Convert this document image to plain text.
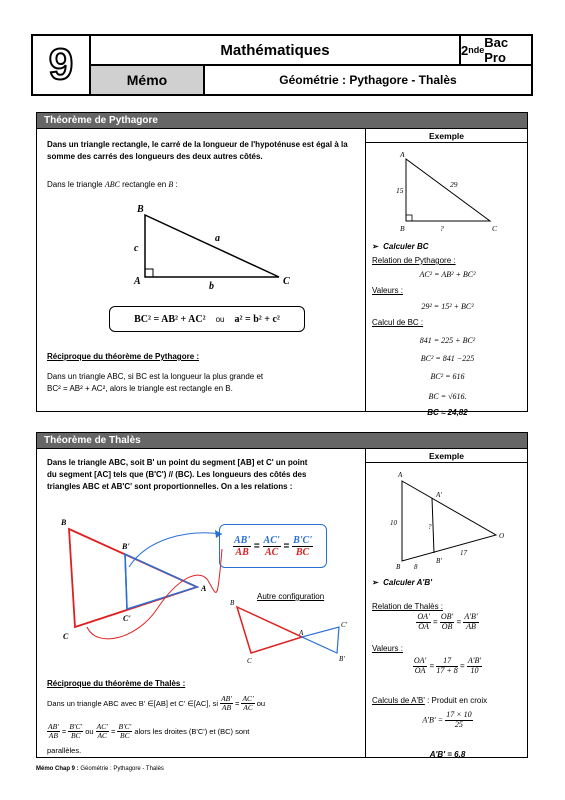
9	Mathématiques	2 nde Bac Pro
Mémo	Géométrie : Pythagore - Thalès
Théorème de Pythagore
Dans un triangle rectangle, le carré de la longueur de l'hypoténuse est égal à la somme des carrés des longueurs des deux autres côtés.
Dans le triangle ABC rectangle en B :
B
A	C
a
b
c
BC² = AB² + AC² ou a² = b² + c²
Réciproque du théorème de Pythagore :
Dans un triangle ABC, si BC est la longueur la plus grande et
BC² = AB² + AC², alors le triangle est rectangle en B.
Exemple
A
B	C
15
29
?
➢ Calculer BC
Relation de Pythagore :
AC² = AB² + BC²
Valeurs :
29² = 15² + BC²
Calcul de BC :
841 = 225 + BC²
BC² = 841 −225
BC² = 616
BC = √616.
BC ≈ 24,82
Théorème de Thalès
Dans le triangle ABC, soit B' un point du segment [AB] et C' un point
du segment [AC] tels que (B'C') // (BC). Les longueurs des côtés des
triangles ABC et AB'C' sont proportionnelles. On a les relations :
B
B'
A
C'
C
B
C
A
C'
B'
$\frac{AB'}{AB} = \frac{AC'}{AC} = \frac{B'C'}{BC}$
Autre configuration
Réciproque du théorème de Thalès :
Dans un triangle ABC avec B' ∈[AB] et C' ∈[AC], si
$\frac{AB'}{AB} = \frac{AC'}{AC}$
ou
$\frac{AB'}{AB} = \frac{B'C'}{BC}$
ou
$\frac{AC'}{AC} = \frac{B'C'}{BC}$
alors les droites (B'C') et (BC) sont
parallèles.
Exemple
A
A'
B
B'
O
10	?
8
17
➢ Calculer A'B'
Relation de Thalès :
$\frac{OA'}{OA} = \frac{OB'}{OB} = \frac{A'B'}{AB}$
Valeurs :
$\frac{OA'}{OA} = \frac{17}{17 + 8} = \frac{A'B'}{10}$
Calculs de A'B' : Produit en croix
$A'B' = \frac{17 \times 10}{25}$
A'B' = 6,8
Mémo Chap 9 : Géométrie : Pythagore - Thalès
